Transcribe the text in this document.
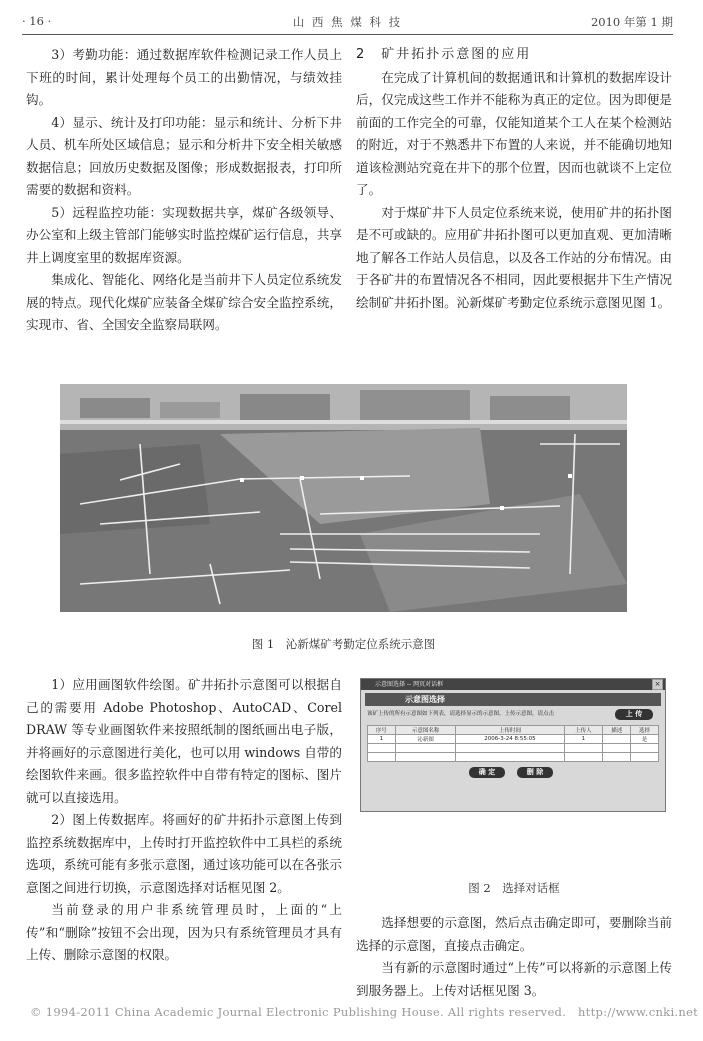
· 16 ·	山 西 焦 煤 科 技	2010 年第 1 期

3）考勤功能：通过数据库软件检测记录工作人员上下班的时间，累计处理每个员工的出勤情况，与绩效挂钩。

4）显示、统计及打印功能：显示和统计、分析下井人员、机车所处区域信息；显示和分析井下安全相关敏感数据信息；回放历史数据及图像；形成数据报表，打印所需要的数据和资料。

5）远程监控功能：实现数据共享，煤矿各级领导、办公室和上级主管部门能够实时监控煤矿运行信息，共享井上调度室里的数据库资源。

集成化、智能化、网络化是当前井下人员定位系统发展的特点。现代化煤矿应装备全煤矿综合安全监控系统，实现市、省、全国安全监察局联网。

2　矿井拓扑示意图的应用

在完成了计算机间的数据通讯和计算机的数据库设计后，仅完成这些工作并不能称为真正的定位。因为即便是前面的工作完全的可靠，仅能知道某个工人在某个检测站的附近，对于不熟悉井下布置的人来说，并不能确切地知道该检测站究竟在井下的那个位置，因而也就谈不上定位了。

对于煤矿井下人员定位系统来说，使用矿井的拓扑图是不可或缺的。应用矿井拓扑图可以更加直观、更加清晰地了解各工作站人员信息，以及各工作站的分布情况。由于各矿井的布置情况各不相同，因此要根据井下生产情况绘制矿井拓扑图。沁新煤矿考勤定位系统示意图见图 1。

图 1　沁新煤矿考勤定位系统示意图

1）应用画图软件绘图。矿井拓扑示意图可以根据自己的需要用 Adobe Photoshop、AutoCAD、Corel DRAW 等专业画图软件来按照纸制的图纸画出电子版，并将画好的示意图进行美化，也可以用 windows 自带的绘图软件来画。很多监控软件中自带有特定的图标、图片就可以直接选用。

2）图上传数据库。将画好的矿井拓扑示意图上传到监控系统数据库中，上传时打开监控软件中工具栏的系统选项，系统可能有多张示意图，通过该功能可以在各张示意图之间进行切换，示意图选择对话框见图 2。

当前登录的用户非系统管理员时，上面的“上传”和“删除”按钮不会出现，因为只有系统管理员才具有上传、删除示意图的权限。

示意图选择 -- 网页对话框	×
示意图选择
该矿上传的所有示意图如下列表，请选择显示的示意图。上传示意图，请点击	上 传
序号	示意图名称	上传时间	上传人	描述	选择
1	沁新图	2006-3-24 8:55:05	1		是

确 定	删 除
图 2　选择对话框

选择想要的示意图，然后点击确定即可，要删除当前选择的示意图，直接点击确定。

当有新的示意图时通过“上传”可以将新的示意图上传到服务器上。上传对话框见图 3。

© 1994-2011 China Academic Journal Electronic Publishing House. All rights reserved.　http://www.cnki.net
